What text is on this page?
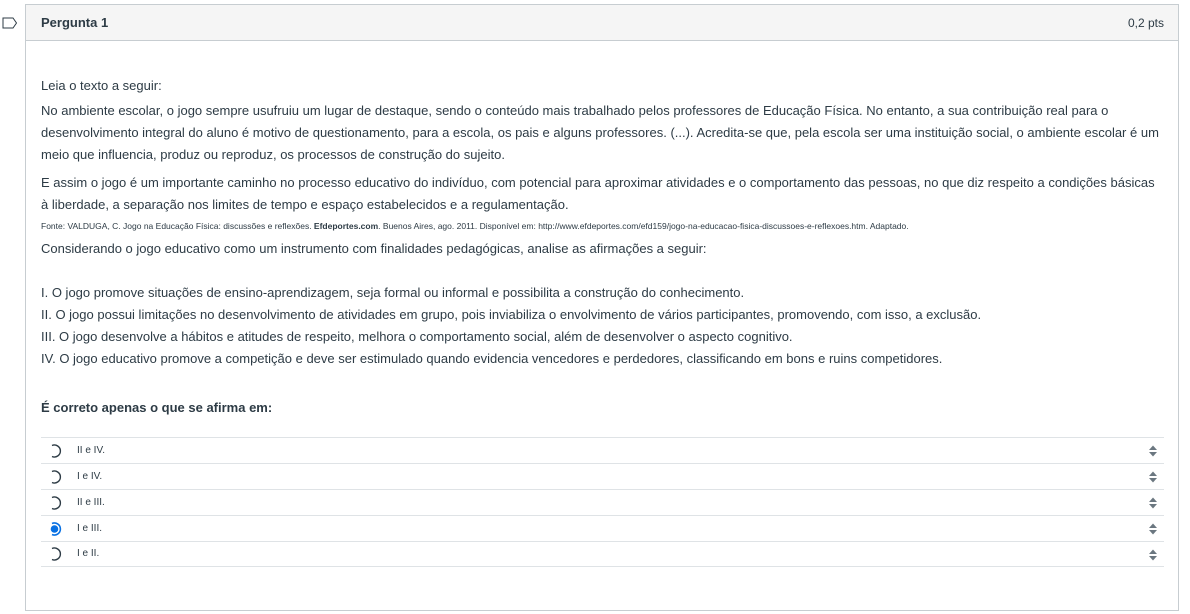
Pergunta 1	0,2 pts

Leia o texto a seguir:

No ambiente escolar, o jogo sempre usufruiu um lugar de destaque, sendo o conteúdo mais trabalhado pelos professores de Educação Física. No entanto, a sua contribuição real para o desenvolvimento integral do aluno é motivo de questionamento, para a escola, os pais e alguns professores. (...). Acredita-se que, pela escola ser uma instituição social, o ambiente escolar é um meio que influencia, produz ou reproduz, os processos de construção do sujeito.

E assim o jogo é um importante caminho no processo educativo do indivíduo, com potencial para aproximar atividades e o comportamento das pessoas, no que diz respeito a condições básicas à liberdade, a separação nos limites de tempo e espaço estabelecidos e a regulamentação.

Fonte: VALDUGA, C. Jogo na Educação Física: discussões e reflexões. Efdeportes.com. Buenos Aires, ago. 2011. Disponível em: http://www.efdeportes.com/efd159/jogo-na-educacao-fisica-discussoes-e-reflexoes.htm. Adaptado.

Considerando o jogo educativo como um instrumento com finalidades pedagógicas, analise as afirmações a seguir:

I. O jogo promove situações de ensino-aprendizagem, seja formal ou informal e possibilita a construção do conhecimento.
II. O jogo possui limitações no desenvolvimento de atividades em grupo, pois inviabiliza o envolvimento de vários participantes, promovendo, com isso, a exclusão.
III. O jogo desenvolve a hábitos e atitudes de respeito, melhora o comportamento social, além de desenvolver o aspecto cognitivo.
IV. O jogo educativo promove a competição e deve ser estimulado quando evidencia vencedores e perdedores, classificando em bons e ruins competidores.

É correto apenas o que se afirma em:

II e IV.
I e IV.
II e III.
I e III.
I e II.
